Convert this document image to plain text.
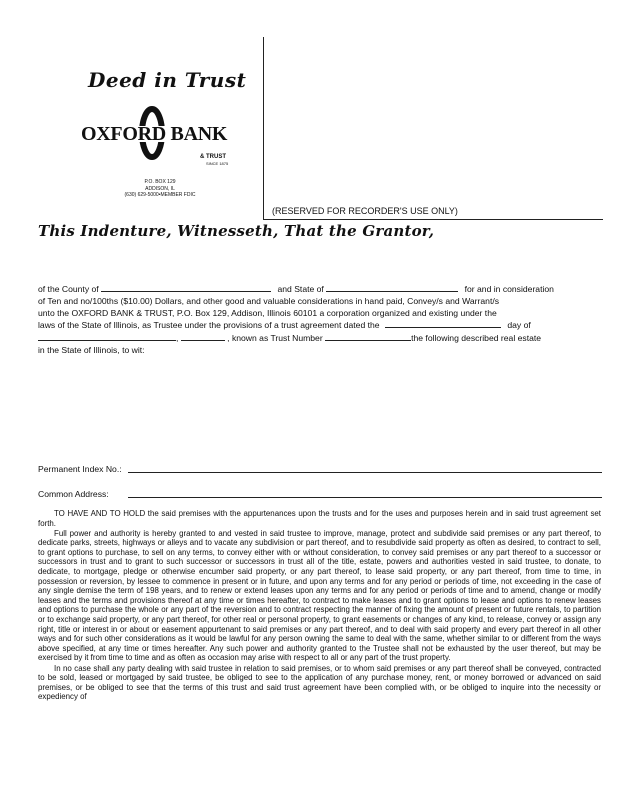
Deed in Trust
OXFORD BANK
& TRUST
SINCE 1875
P.O. BOX 129
ADDISON, IL
(630) 629-5000•MEMBER FDIC
(RESERVED FOR RECORDER'S USE ONLY)
This Indenture, Witnesseth, That the Grantor,
of the County of	and State of	for and in consideration
of Ten and no/100ths ($10.00) Dollars, and other good and valuable considerations in hand paid, Convey/s and Warrant/s
unto the OXFORD BANK & TRUST, P.O. Box 129, Addison, Illinois 60101 a corporation organized and existing under the
laws of the State of Illinois, as Trustee under the provisions of a trust agreement dated the	day of
,	, known as Trust Number	the following described real estate
in the State of Illinois, to wit:
Permanent Index No.:
Common Address:

TO HAVE AND TO HOLD the said premises with the appurtenances upon the trusts and for the uses and purposes herein and in said trust agreement set forth.

Full power and authority is hereby granted to and vested in said trustee to improve, manage, protect and subdivide said premises or any part thereof, to dedicate parks, streets, highways or alleys and to vacate any subdivision or part thereof, and to resubdivide said property as often as desired, to contract to sell, to grant options to purchase, to sell on any terms, to convey either with or without consideration, to convey said premises or any part thereof to a successor or successors in trust and to grant to such successor or successors in trust all of the title, estate, powers and authorities vested in said trustee, to donate, to dedicate, to mortgage, pledge or otherwise encumber said property, or any part thereof, to lease said property, or any part thereof, from time to time, in possession or reversion, by lessee to commence in present or in future, and upon any terms and for any period or periods of time, not exceeding in the case of any single demise the term of 198 years, and to renew or extend leases upon any terms and for any period or periods of time and to amend, change or modify leases and the terms and provisions thereof at any time or times hereafter, to contract to make leases and to grant options to lease and options to renew leases and options to purchase the whole or any part of the reversion and to contract respecting the manner of fixing the amount of present or future rentals, to partition or to exchange said property, or any part thereof, for other real or personal property, to grant easements or changes of any kind, to release, convey or assign any right, title or interest in or about or easement appurtenant to said premises or any part thereof, and to deal with said property and every part thereof in all other ways and for such other considerations as it would be lawful for any person owning the same to deal with the same, whether similar to or different from the ways above specified, at any time or times hereafter. Any such power and authority granted to the Trustee shall not be exhausted by the user thereof, but may be exercised by it from time to time and as often as occasion may arise with respect to all or any part of the trust property.

In no case shall any party dealing with said trustee in relation to said premises, or to whom said premises or any part thereof shall be conveyed, contracted to be sold, leased or mortgaged by said trustee, be obliged to see to the application of any purchase money, rent, or money borrowed or advanced on said premises, or be obliged to see that the terms of this trust and said trust agreement have been complied with, or be obliged to inquire into the necessity or expediency of
